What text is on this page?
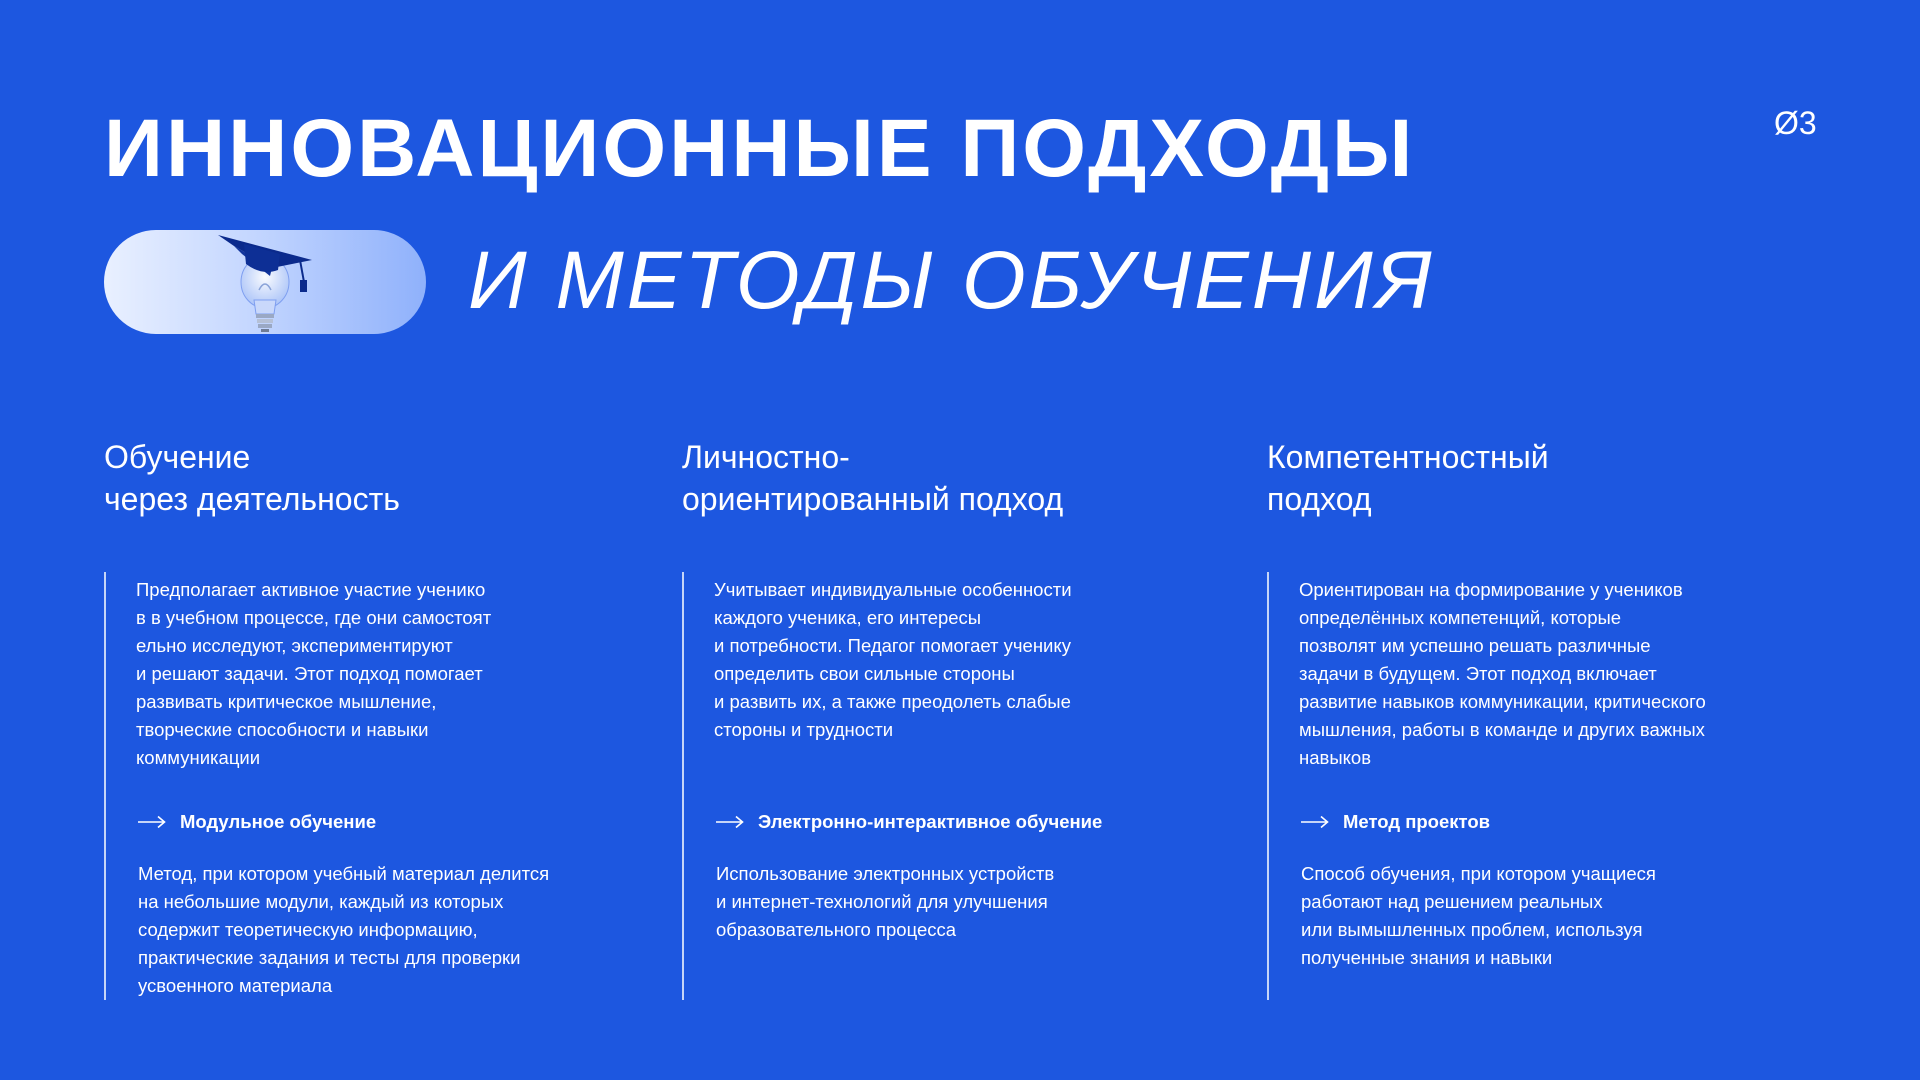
ИННОВАЦИОННЫЕ ПОДХОДЫ
И МЕТОДЫ ОБУЧЕНИЯ
Ø3
Обучение
через деятельность

Предполагает активное участие ученико
в в учебном процессе, где они самостоят
ельно исследуют, экспериментируют
и решают задачи. Этот подход помогает
развивать критическое мышление,
творческие способности и навыки
коммуникации

Модульное обучение

Метод, при котором учебный материал делится
на небольшие модули, каждый из которых
содержит теоретическую информацию,
практические задания и тесты для проверки
усвоенного материала

Личностно-
ориентированный подход

Учитывает индивидуальные особенности
каждого ученика, его интересы
и потребности. Педагог помогает ученику
определить свои сильные стороны
и развить их, а также преодолеть слабые
стороны и трудности

Электронно-интерактивное обучение

Использование электронных устройств
и интернет-технологий для улучшения
образовательного процесса

Компетентностный
подход

Ориентирован на формирование у учеников
определённых компетенций, которые
позволят им успешно решать различные
задачи в будущем. Этот подход включает
развитие навыков коммуникации, критического
мышления, работы в команде и других важных
навыков

Метод проектов

Способ обучения, при котором учащиеся
работают над решением реальных
или вымышленных проблем, используя
полученные знания и навыки
